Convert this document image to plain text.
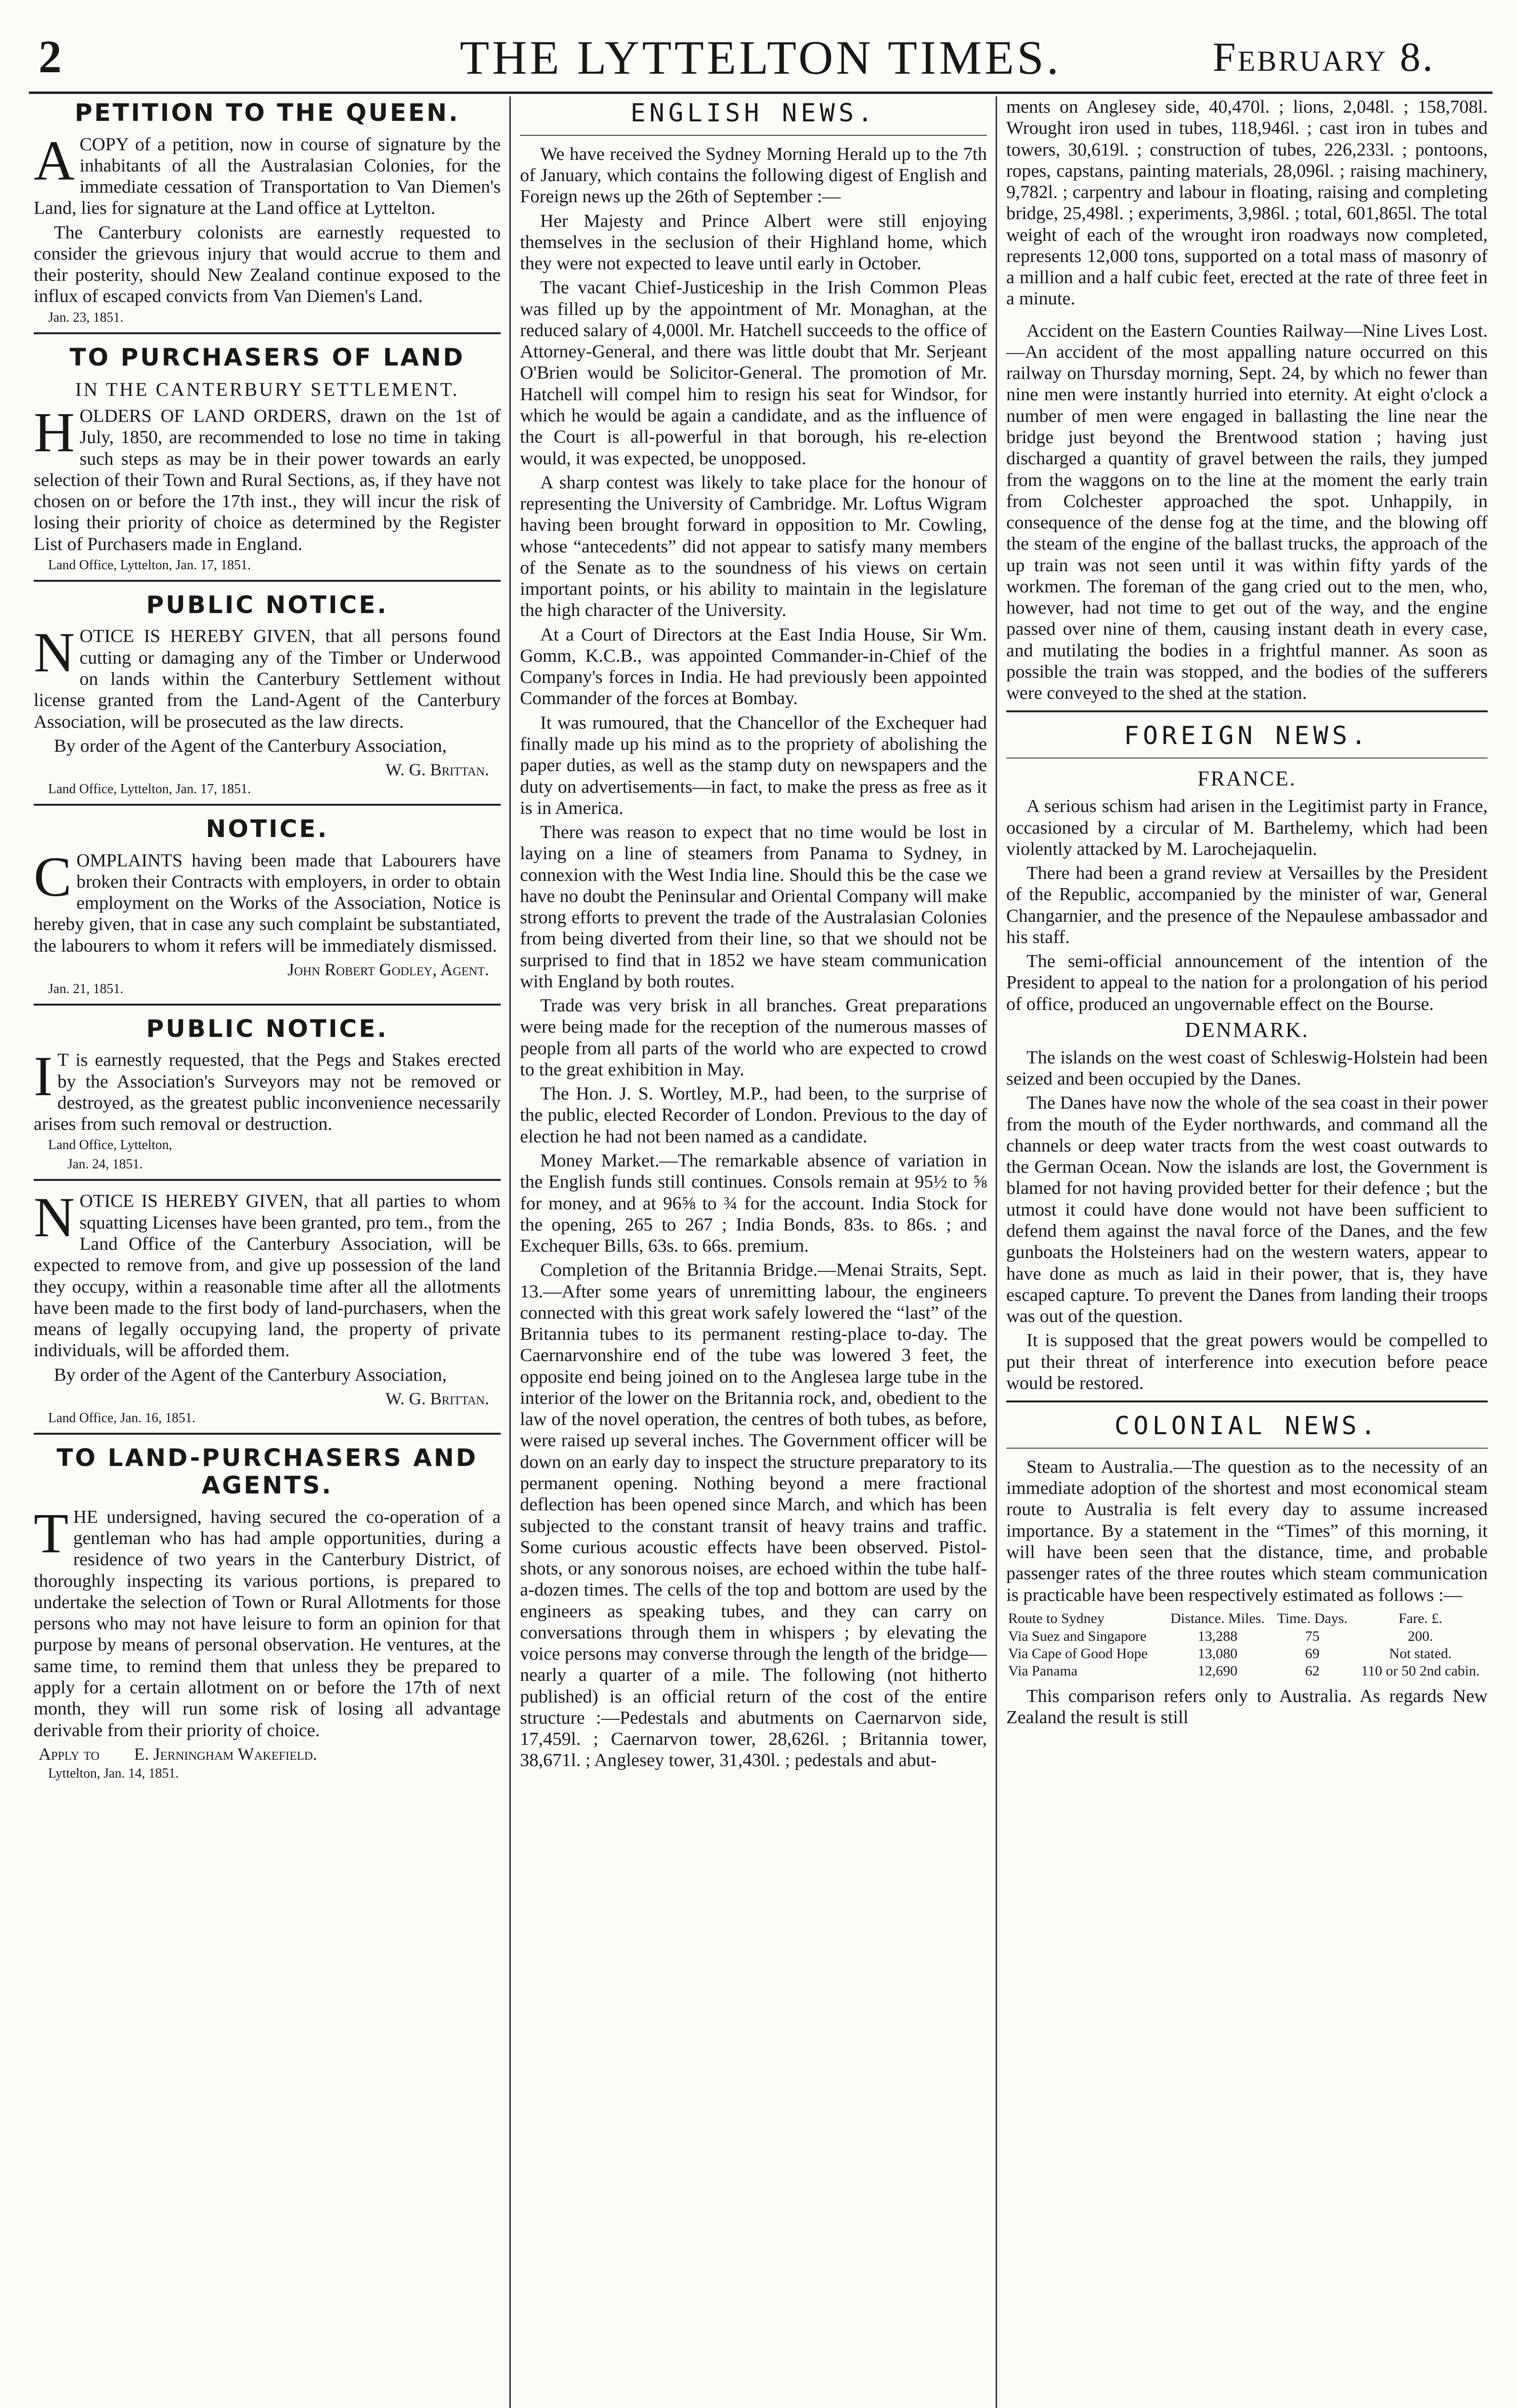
2	THE LYTTELTON TIMES.	February 8.
PETITION TO THE QUEEN.

ACOPY of a petition, now in course of signature by the inhabitants of all the Australasian Colonies, for the immediate cessation of Transportation to Van Diemen's Land, lies for signature at the Land office at Lyttelton.

The Canterbury colonists are earnestly requested to consider the grievous injury that would accrue to them and their posterity, should New Zealand continue exposed to the influx of escaped convicts from Van Diemen's Land.

Jan. 23, 1851.
TO PURCHASERS OF LAND
IN THE CANTERBURY SETTLEMENT.

HOLDERS OF LAND ORDERS, drawn on the 1st of July, 1850, are recommended to lose no time in taking such steps as may be in their power towards an early selection of their Town and Rural Sections, as, if they have not chosen on or before the 17th inst., they will incur the risk of losing their priority of choice as determined by the Register List of Purchasers made in England.

Land Office, Lyttelton, Jan. 17, 1851.
PUBLIC NOTICE.

NOTICE IS HEREBY GIVEN, that all persons found cutting or damaging any of the Timber or Underwood on lands within the Canterbury Settlement without license granted from the Land-Agent of the Canterbury Association, will be prosecuted as the law directs.

By order of the Agent of the Canterbury Association,

W. G. Brittan.
Land Office, Lyttelton, Jan. 17, 1851.
NOTICE.

COMPLAINTS having been made that Labourers have broken their Contracts with employers, in order to obtain employment on the Works of the Association, Notice is hereby given, that in case any such complaint be substantiated, the labourers to whom it refers will be immediately dismissed.

John Robert Godley, Agent.
Jan. 21, 1851.
PUBLIC NOTICE.

IT is earnestly requested, that the Pegs and Stakes erected by the Association's Surveyors may not be removed or destroyed, as the greatest public inconvenience necessarily arises from such removal or destruction.

Land Office, Lyttelton,
Jan. 24, 1851.

NOTICE IS HEREBY GIVEN, that all parties to whom squatting Licenses have been granted, pro tem., from the Land Office of the Canterbury Association, will be expected to remove from, and give up possession of the land they occupy, within a reasonable time after all the allotments have been made to the first body of land-purchasers, when the means of legally occupying land, the property of private individuals, will be afforded them.

By order of the Agent of the Canterbury Association,

W. G. Brittan.
Land Office, Jan. 16, 1851.
TO LAND-PURCHASERS AND AGENTS.

THE undersigned, having secured the co-operation of a gentleman who has had ample opportunities, during a residence of two years in the Canterbury District, of thoroughly inspecting its various portions, is prepared to undertake the selection of Town or Rural Allotments for those persons who may not have leisure to form an opinion for that purpose by means of personal observation. He ventures, at the same time, to remind them that unless they be prepared to apply for a certain allotment on or before the 17th of next month, they will run some risk of losing all advantage derivable from their priority of choice.

Apply to        E. Jerningham Wakefield.
Lyttelton, Jan. 14, 1851.
ENGLISH NEWS.

We have received the Sydney Morning Herald up to the 7th of January, which contains the following digest of English and Foreign news up the 26th of September :—

Her Majesty and Prince Albert were still enjoying themselves in the seclusion of their Highland home, which they were not expected to leave until early in October.

The vacant Chief-Justiceship in the Irish Common Pleas was filled up by the appointment of Mr. Monaghan, at the reduced salary of 4,000l. Mr. Hatchell succeeds to the office of Attorney-General, and there was little doubt that Mr. Serjeant O'Brien would be Solicitor-General. The promotion of Mr. Hatchell will compel him to resign his seat for Windsor, for which he would be again a candidate, and as the influence of the Court is all-powerful in that borough, his re-election would, it was expected, be unopposed.

A sharp contest was likely to take place for the honour of representing the University of Cambridge. Mr. Loftus Wigram having been brought forward in opposition to Mr. Cowling, whose “antecedents” did not appear to satisfy many members of the Senate as to the soundness of his views on certain important points, or his ability to maintain in the legislature the high character of the University.

At a Court of Directors at the East India House, Sir Wm. Gomm, K.C.B., was appointed Commander-in-Chief of the Company's forces in India. He had previously been appointed Commander of the forces at Bombay.

It was rumoured, that the Chancellor of the Exchequer had finally made up his mind as to the propriety of abolishing the paper duties, as well as the stamp duty on newspapers and the duty on advertisements—in fact, to make the press as free as it is in America.

There was reason to expect that no time would be lost in laying on a line of steamers from Panama to Sydney, in connexion with the West India line. Should this be the case we have no doubt the Peninsular and Oriental Company will make strong efforts to prevent the trade of the Australasian Colonies from being diverted from their line, so that we should not be surprised to find that in 1852 we have steam communication with England by both routes.

Trade was very brisk in all branches. Great preparations were being made for the reception of the numerous masses of people from all parts of the world who are expected to crowd to the great exhibition in May.

The Hon. J. S. Wortley, M.P., had been, to the surprise of the public, elected Recorder of London. Previous to the day of election he had not been named as a candidate.

Money Market.—The remarkable absence of variation in the English funds still continues. Consols remain at 95½ to ⅝ for money, and at 96⅝ to ¾ for the account. India Stock for the opening, 265 to 267 ; India Bonds, 83s. to 86s. ; and Exchequer Bills, 63s. to 66s. premium.

Completion of the Britannia Bridge.—Menai Straits, Sept. 13.—After some years of unremitting labour, the engineers connected with this great work safely lowered the “last” of the Britannia tubes to its permanent resting-place to-day. The Caernarvonshire end of the tube was lowered 3 feet, the opposite end being joined on to the Anglesea large tube in the interior of the lower on the Britannia rock, and, obedient to the law of the novel operation, the centres of both tubes, as before, were raised up several inches. The Government officer will be down on an early day to inspect the structure preparatory to its permanent opening. Nothing beyond a mere fractional deflection has been opened since March, and which has been subjected to the constant transit of heavy trains and traffic. Some curious acoustic effects have been observed. Pistol-shots, or any sonorous noises, are echoed within the tube half-a-dozen times. The cells of the top and bottom are used by the engineers as speaking tubes, and they can carry on conversations through them in whispers ; by elevating the voice persons may converse through the length of the bridge—nearly a quarter of a mile. The following (not hitherto published) is an official return of the cost of the entire structure :—Pedestals and abutments on Caernarvon side, 17,459l. ; Caernarvon tower, 28,626l. ; Britannia tower, 38,671l. ; Anglesey tower, 31,430l. ; pedestals and abut-

ments on Anglesey side, 40,470l. ; lions, 2,048l. ; 158,708l. Wrought iron used in tubes, 118,946l. ; cast iron in tubes and towers, 30,619l. ; construction of tubes, 226,233l. ; pontoons, ropes, capstans, painting materials, 28,096l. ; raising machinery, 9,782l. ; carpentry and labour in floating, raising and completing bridge, 25,498l. ; experiments, 3,986l. ; total, 601,865l. The total weight of each of the wrought iron roadways now completed, represents 12,000 tons, supported on a total mass of masonry of a million and a half cubic feet, erected at the rate of three feet in a minute.

Accident on the Eastern Counties Railway—Nine Lives Lost.—An accident of the most appalling nature occurred on this railway on Thursday morning, Sept. 24, by which no fewer than nine men were instantly hurried into eternity. At eight o'clock a number of men were engaged in ballasting the line near the bridge just beyond the Brentwood station ; having just discharged a quantity of gravel between the rails, they jumped from the waggons on to the line at the moment the early train from Colchester approached the spot. Unhappily, in consequence of the dense fog at the time, and the blowing off the steam of the engine of the ballast trucks, the approach of the up train was not seen until it was within fifty yards of the workmen. The foreman of the gang cried out to the men, who, however, had not time to get out of the way, and the engine passed over nine of them, causing instant death in every case, and mutilating the bodies in a frightful manner. As soon as possible the train was stopped, and the bodies of the sufferers were conveyed to the shed at the station.

FOREIGN NEWS.
FRANCE.

A serious schism had arisen in the Legitimist party in France, occasioned by a circular of M. Barthelemy, which had been violently attacked by M. Larochejaquelin.

There had been a grand review at Versailles by the President of the Republic, accompanied by the minister of war, General Changarnier, and the presence of the Nepaulese ambassador and his staff.

The semi-official announcement of the intention of the President to appeal to the nation for a prolongation of his period of office, produced an ungovernable effect on the Bourse.

DENMARK.

The islands on the west coast of Schleswig-Holstein had been seized and been occupied by the Danes.

The Danes have now the whole of the sea coast in their power from the mouth of the Eyder northwards, and command all the channels or deep water tracts from the west coast outwards to the German Ocean. Now the islands are lost, the Government is blamed for not having provided better for their defence ; but the utmost it could have done would not have been sufficient to defend them against the naval force of the Danes, and the few gunboats the Holsteiners had on the western waters, appear to have done as much as laid in their power, that is, they have escaped capture. To prevent the Danes from landing their troops was out of the question.

It is supposed that the great powers would be compelled to put their threat of interference into execution before peace would be restored.

COLONIAL NEWS.

Steam to Australia.—The question as to the necessity of an immediate adoption of the shortest and most economical steam route to Australia is felt every day to assume increased importance. By a statement in the “Times” of this morning, it will have been seen that the distance, time, and probable passenger rates of the three routes which steam communication is practicable have been respectively estimated as follows :—

Route to Sydney	Distance. Miles.	Time. Days.	Fare. £.
Via Suez and Singapore	13,288	75	200.
Via Cape of Good Hope	13,080	69	Not stated.
Via Panama	12,690	62	110 or 50 2nd cabin.

This comparison refers only to Australia. As regards New Zealand the result is still
